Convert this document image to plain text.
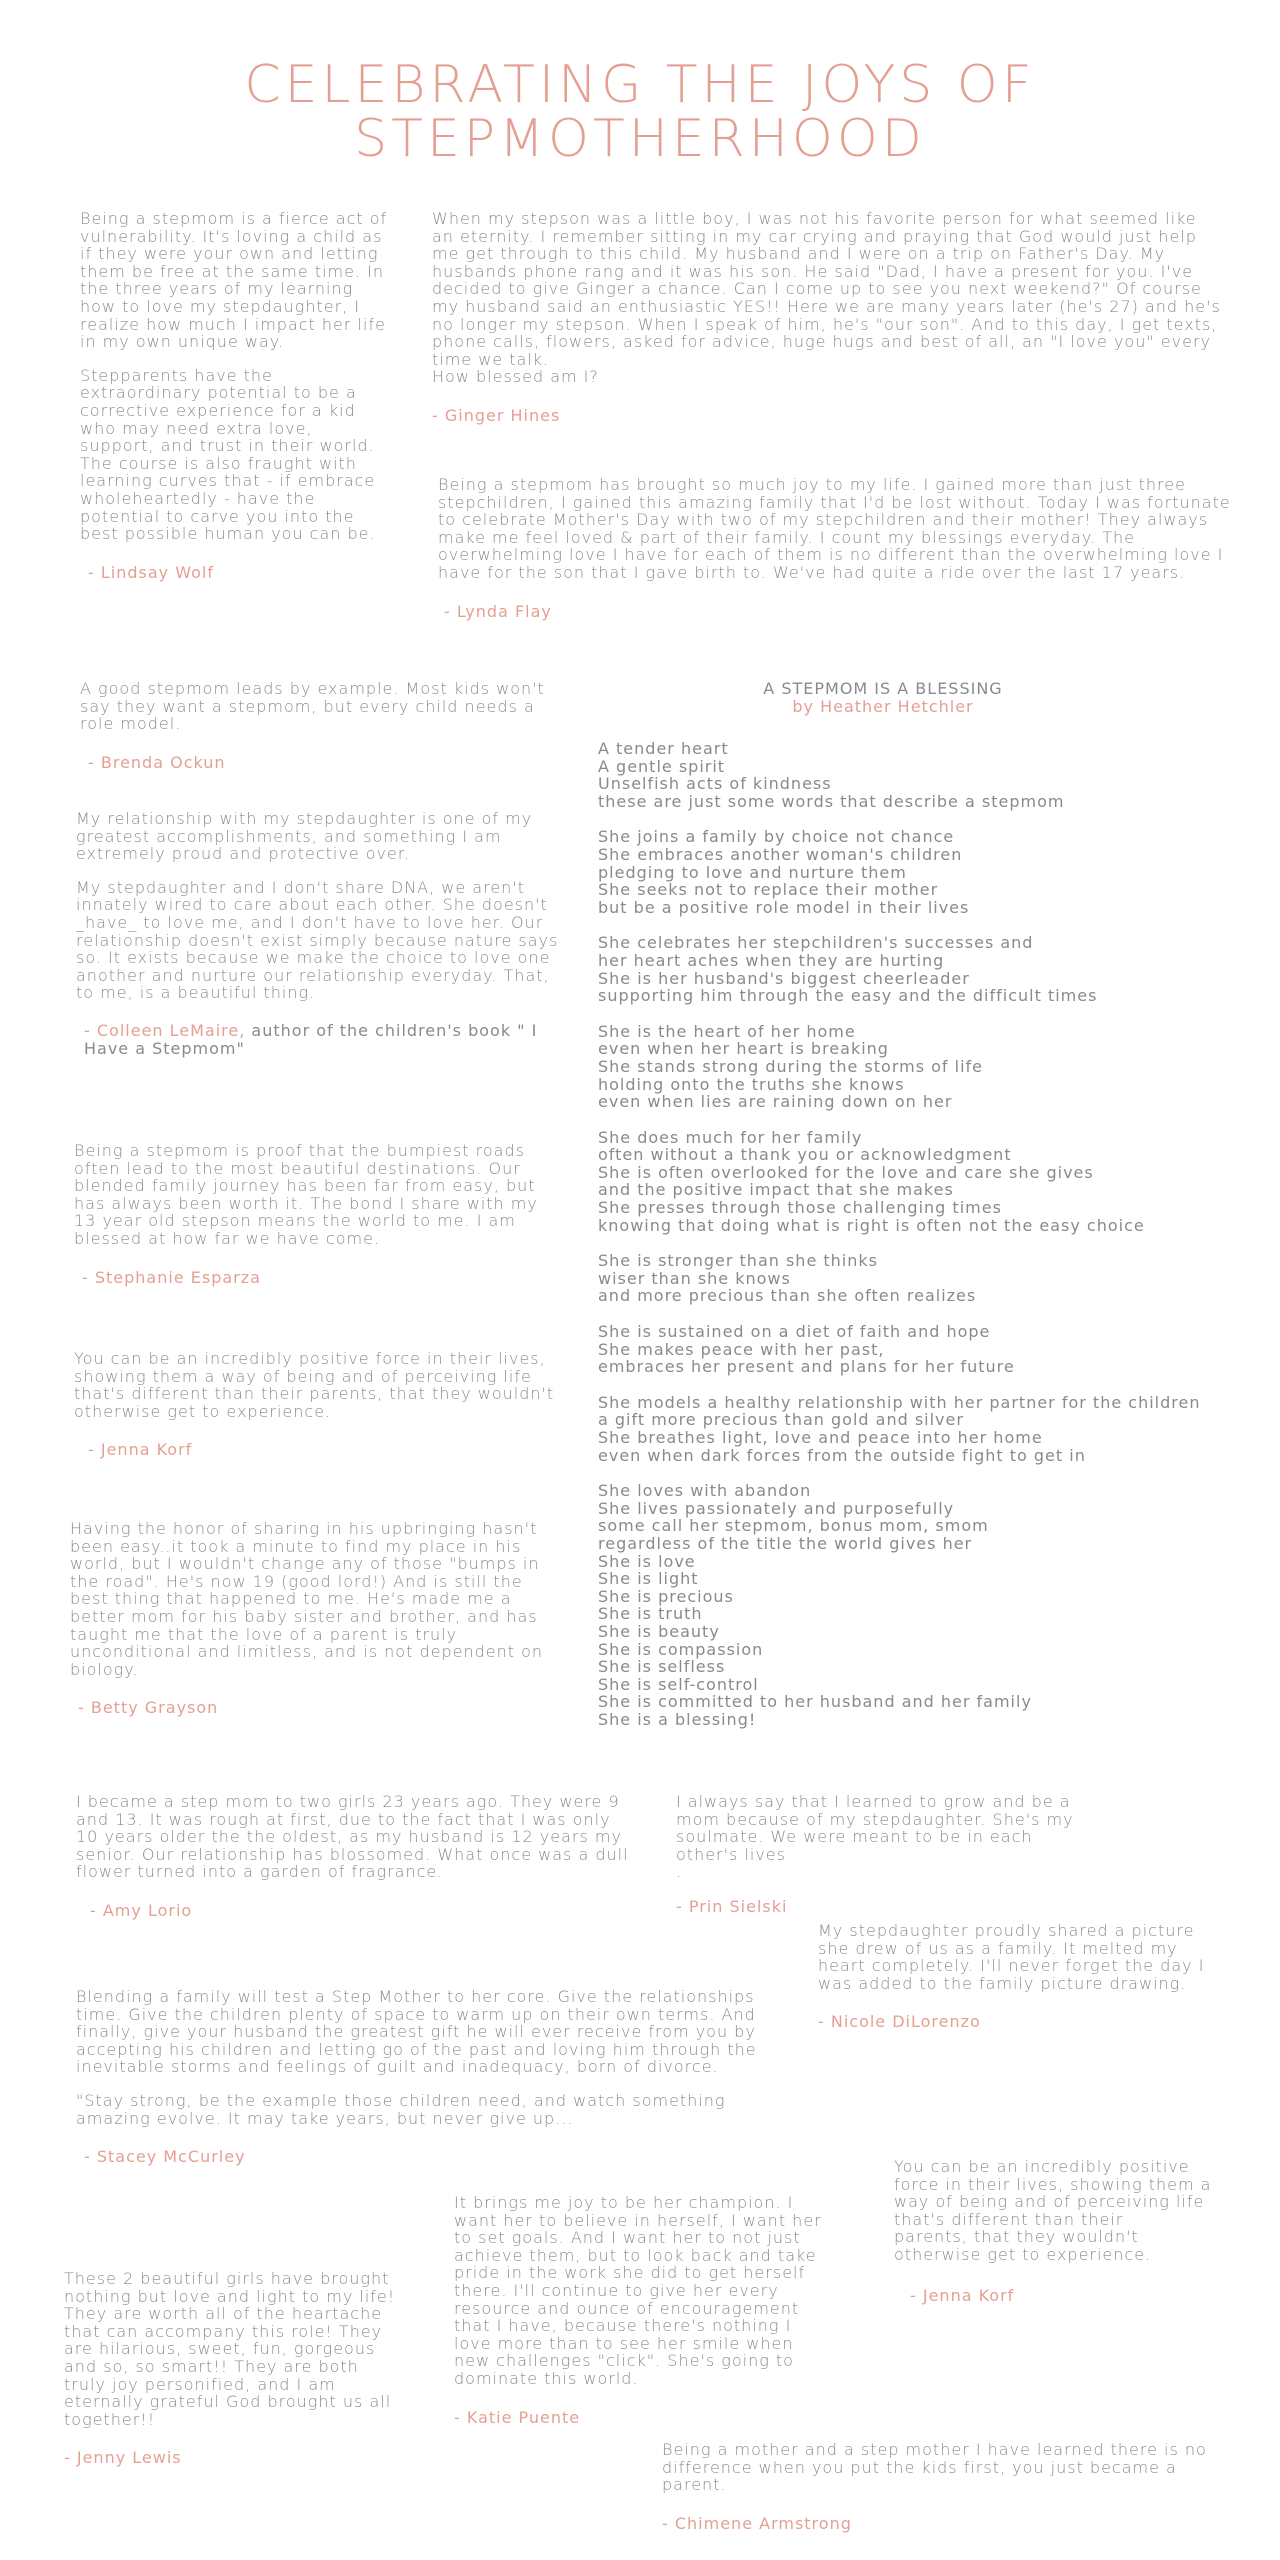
CELEBRATING THE JOYS OF
STEPMOTHERHOOD

Being a stepmom is a fierce act of vulnerability. It's loving a child as if they were your own and letting them be free at the same time. In the three years of my learning how to love my stepdaughter, I realize how much I impact her life in my own unique way.

Stepparents have the extraordinary potential to be a corrective experience for a kid who may need extra love, support, and trust in their world. The course is also fraught with learning curves that - if embrace wholeheartedly - have the potential to carve you into the best possible human you can be.

- Lindsay Wolf

When my stepson was a little boy, I was not his favorite person for what seemed like an eternity. I remember sitting in my car crying and praying that God would just help me get through to this child. My husband and I were on a trip on Father's Day. My husbands phone rang and it was his son. He said "Dad, I have a present for you. I've decided to give Ginger a chance. Can I come up to see you next weekend?" Of course my husband said an enthusiastic YES!! Here we are many years later (he's 27) and he's no longer my stepson. When I speak of him, he's "our son". And to this day, I get texts, phone calls, flowers, asked for advice, huge hugs and best of all, an "I love you" every time we talk.
How blessed am I?

- Ginger Hines

Being a stepmom has brought so much joy to my life. I gained more than just three stepchildren, I gained this amazing family that I'd be lost without. Today I was fortunate to celebrate Mother's Day with two of my stepchildren and their mother! They always make me feel loved & part of their family. I count my blessings everyday. The overwhelming love I have for each of them is no different than the overwhelming love I have for the son that I gave birth to. We've had quite a ride over the last 17 years.

- Lynda Flay

A good stepmom leads by example. Most kids won't say they want a stepmom, but every child needs a role model.

- Brenda Ockun

My relationship with my stepdaughter is one of my greatest accomplishments, and something I am extremely proud and protective over.

My stepdaughter and I don't share DNA, we aren't innately wired to care about each other. She doesn't _have_ to love me, and I don't have to love her. Our relationship doesn't exist simply because nature says so. It exists because we make the choice to love one another and nurture our relationship everyday. That, to me, is a beautiful thing.

- Colleen LeMaire, author of the children's book " I Have a Stepmom"

Being a stepmom is proof that the bumpiest roads often lead to the most beautiful destinations. Our blended family journey has been far from easy, but has always been worth it. The bond I share with my 13 year old stepson means the world to me. I am blessed at how far we have come.

- Stephanie Esparza

You can be an incredibly positive force in their lives, showing them a way of being and of perceiving life that's different than their parents, that they wouldn't otherwise get to experience.

- Jenna Korf

Having the honor of sharing in his upbringing hasn't been easy..it took a minute to find my place in his world, but I wouldn't change any of those "bumps in the road". He's now 19 (good lord!) And is still the best thing that happened to me. He's made me a better mom for his baby sister and brother, and has taught me that the love of a parent is truly unconditional and limitless, and is not dependent on biology.

- Betty Grayson
A STEPMOM IS A BLESSING
by Heather Hetchler
A tender heart
A gentle spirit
Unselfish acts of kindness
these are just some words that describe a stepmom
She joins a family by choice not chance
She embraces another woman's children
pledging to love and nurture them
She seeks not to replace their mother
but be a positive role model in their lives
She celebrates her stepchildren's successes and
her heart aches when they are hurting
She is her husband's biggest cheerleader
supporting him through the easy and the difficult times
She is the heart of her home
even when her heart is breaking
She stands strong during the storms of life
holding onto the truths she knows
even when lies are raining down on her
She does much for her family
often without a thank you or acknowledgment
She is often overlooked for the love and care she gives
and the positive impact that she makes
She presses through those challenging times
knowing that doing what is right is often not the easy choice
She is stronger than she thinks
wiser than she knows
and more precious than she often realizes
She is sustained on a diet of faith and hope
She makes peace with her past,
embraces her present and plans for her future
She models a healthy relationship with her partner for the children
a gift more precious than gold and silver
She breathes light, love and peace into her home
even when dark forces from the outside fight to get in
She loves with abandon
She lives passionately and purposefully
some call her stepmom, bonus mom, smom
regardless of the title the world gives her
She is love
She is light
She is precious
She is truth
She is beauty
She is compassion
She is selfless
She is self-control
She is committed to her husband and her family
She is a blessing!

I became a step mom to two girls 23 years ago. They were 9 and 13. It was rough at first, due to the fact that I was only 10 years older the the oldest, as my husband is 12 years my senior. Our relationship has blossomed. What once was a dull flower turned into a garden of fragrance.

- Amy Lorio

I always say that I learned to grow and be a mom because of my stepdaughter. She's my soulmate. We were meant to be in each other's lives
.

- Prin Sielski

My stepdaughter proudly shared a picture she drew of us as a family. It melted my heart completely. I'll never forget the day I was added to the family picture drawing.

- Nicole DiLorenzo

Blending a family will test a Step Mother to her core. Give the relationships time. Give the children plenty of space to warm up on their own terms. And finally, give your husband the greatest gift he will ever receive from you by accepting his children and letting go of the past and loving him through the inevitable storms and feelings of guilt and inadequacy, born of divorce.

"Stay strong, be the example those children need, and watch something amazing evolve. It may take years, but never give up...

- Stacey McCurley

You can be an incredibly positive force in their lives, showing them a way of being and of perceiving life that's different than their
parents, that they wouldn't otherwise get to experience.

- Jenna Korf

It brings me joy to be her champion. I want her to believe in herself, I want her to set goals. And I want her to not just achieve them, but to look back and take pride in the work she did to get herself there. I'll continue to give her every resource and ounce of encouragement that I have, because there's nothing I love more than to see her smile when new challenges "click". She's going to dominate this world.

- Katie Puente

These 2 beautiful girls have brought nothing but love and light to my life! They are worth all of the heartache that can accompany this role! They are hilarious, sweet, fun, gorgeous and so, so smart!! They are both truly joy personified, and I am eternally grateful God brought us all together!!

- Jenny Lewis	Being a mother and a step mother I have learned there is no difference when you put the kids first, you just became a parent.

- Chimene Armstrong
